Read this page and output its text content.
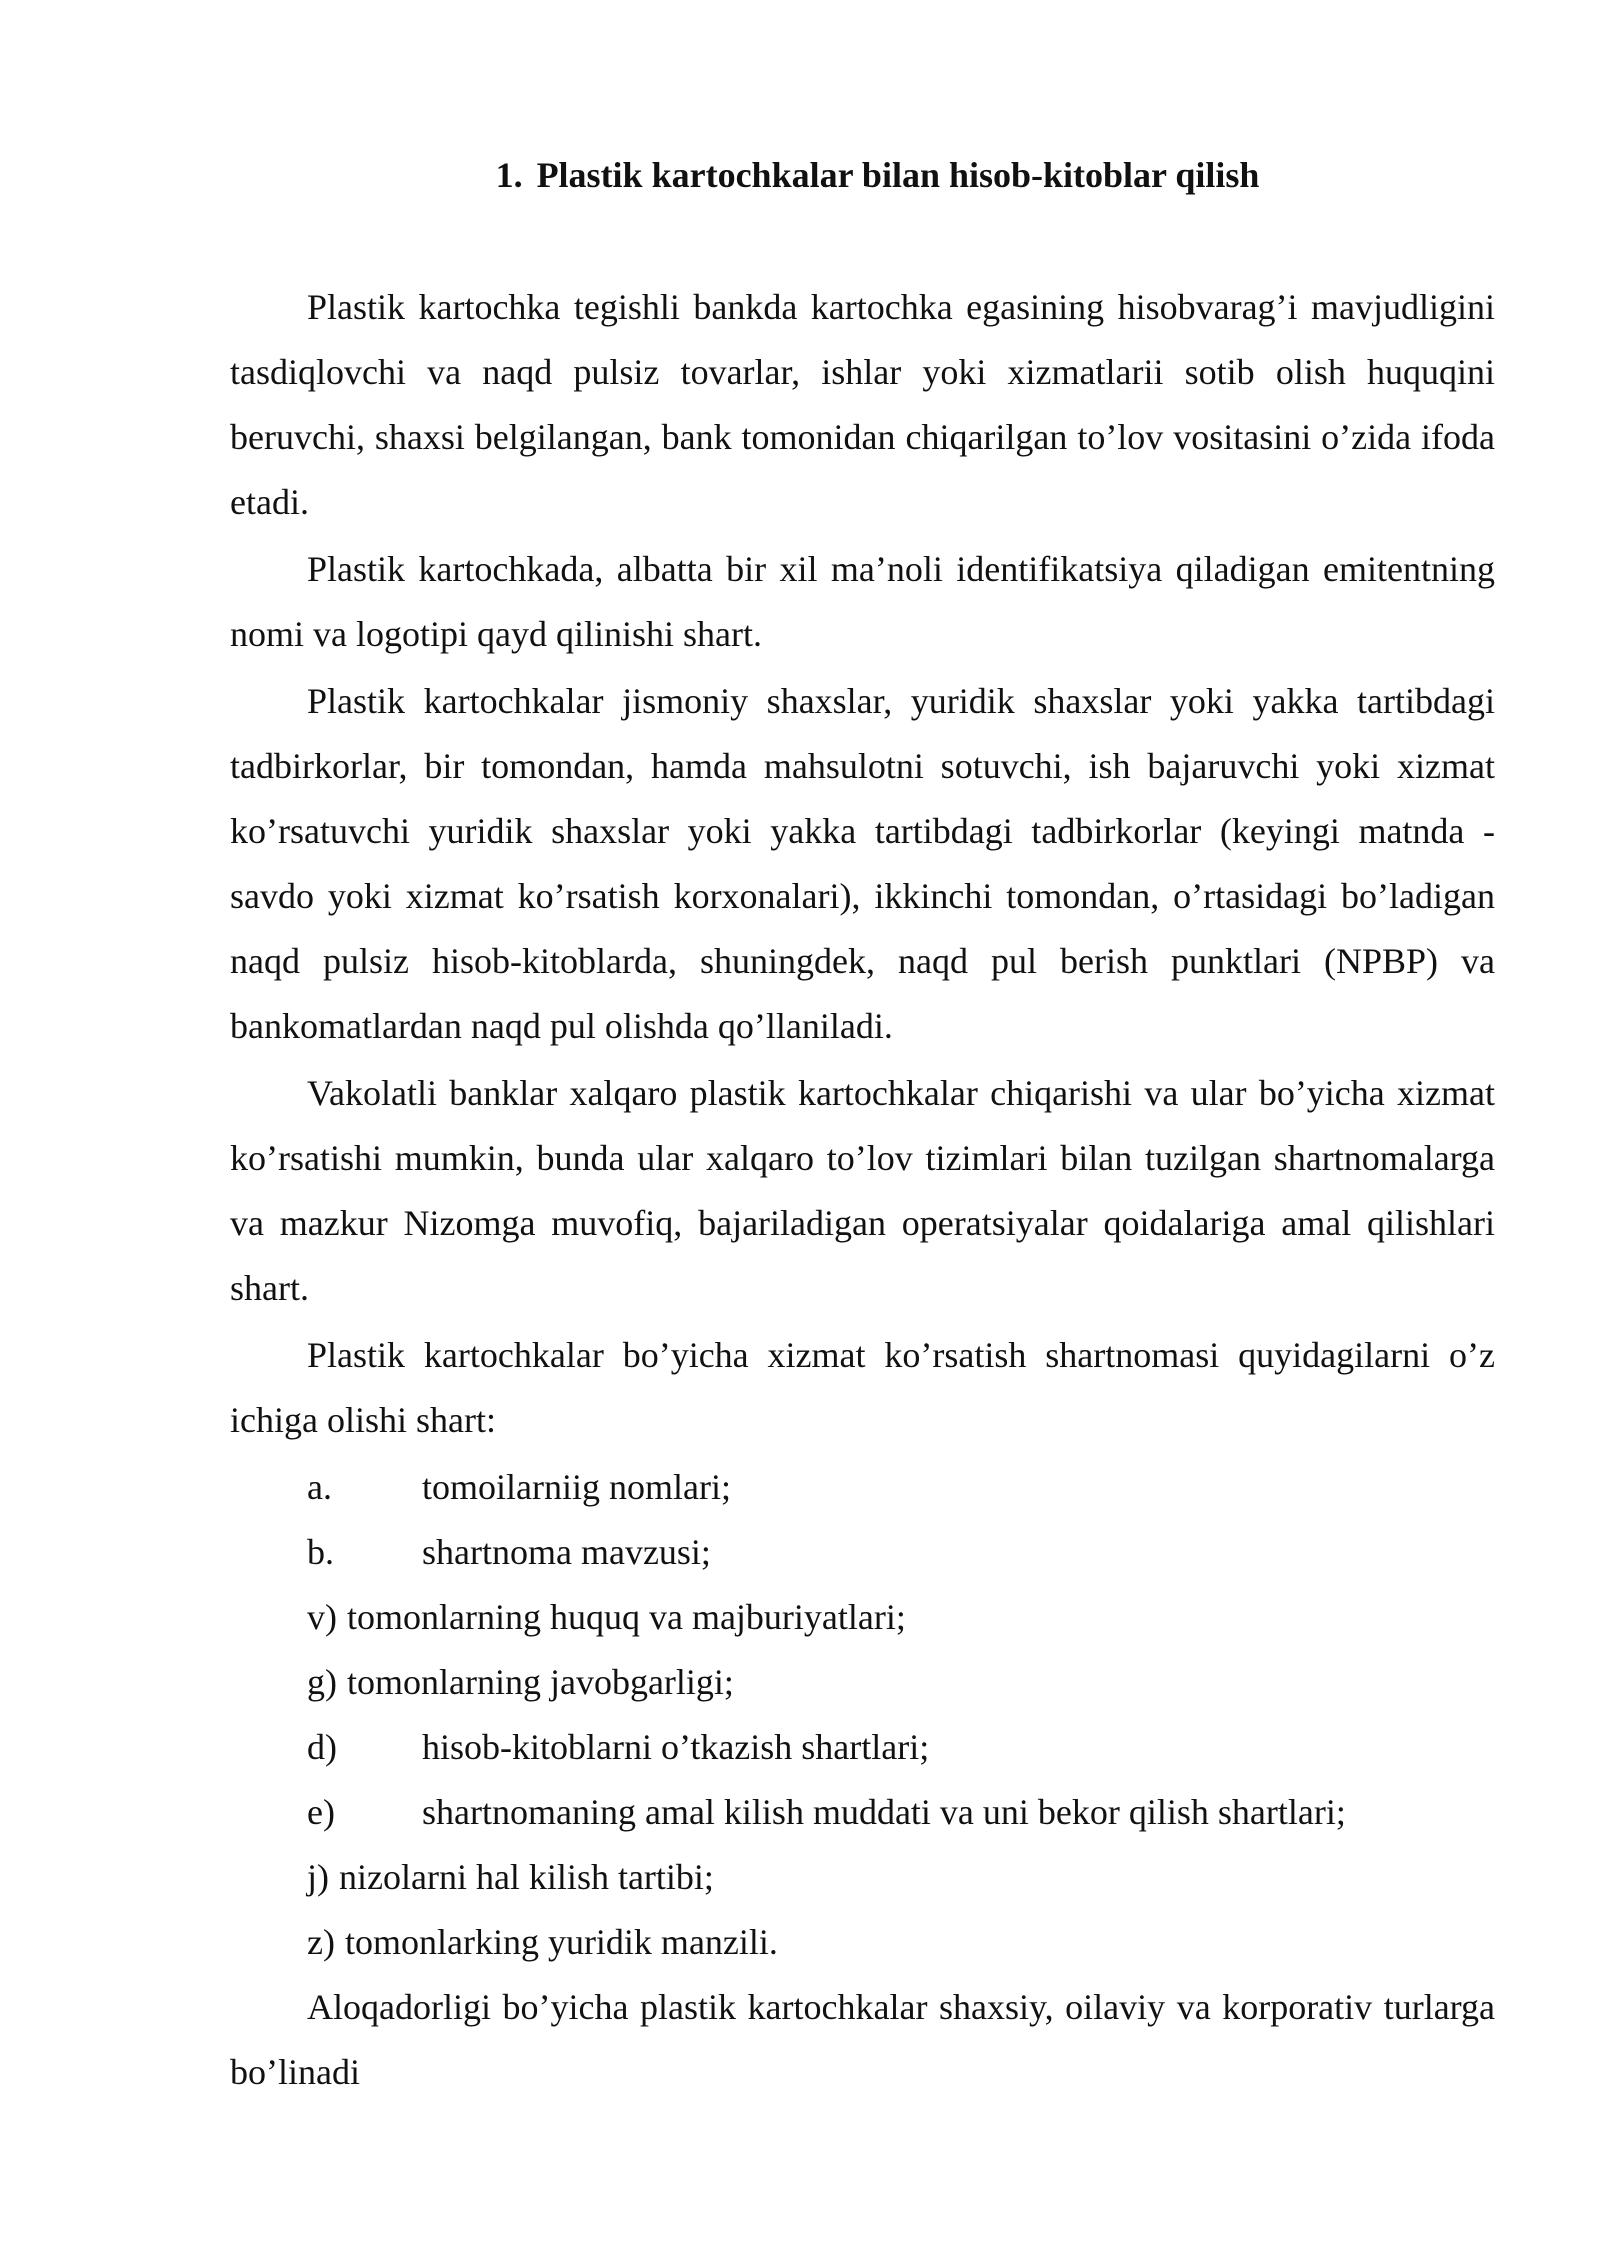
1. Plastik kartochkalar bilan hisob-kitoblar qilish

Plastik kartochka tegishli bankda kartochka egasining hisobvarag’i mavjudligini tasdiqlovchi va naqd pulsiz tovarlar, ishlar yoki xizmatlarii sotib olish huquqini beruvchi, shaxsi belgilangan, bank tomonidan chiqarilgan to’lov vositasini o’zida ifoda etadi.

Plastik kartochkada, albatta bir xil ma’noli identifikatsiya qiladigan emitentning nomi va logotipi qayd qilinishi shart.

Plastik kartochkalar jismoniy shaxslar, yuridik shaxslar yoki yakka tartibdagi tadbirkorlar, bir tomondan, hamda mahsulotni sotuvchi, ish bajaruvchi yoki xizmat ko’rsatuvchi yuridik shaxslar yoki yakka tartibdagi tadbirkorlar (keyingi matnda - savdo yoki xizmat ko’rsatish korxonalari), ikkinchi tomondan, o’rtasidagi bo’ladigan naqd pulsiz hisob-kitoblarda, shuningdek, naqd pul berish punktlari (NPBP) va bankomatlardan naqd pul olishda qo’llaniladi.

Vakolatli banklar xalqaro plastik kartochkalar chiqarishi va ular bo’yicha xizmat ko’rsatishi mumkin, bunda ular xalqaro to’lov tizimlari bilan tuzilgan shartnomalarga va mazkur Nizomga muvofiq, bajariladigan operatsiyalar qoidalariga amal qilishlari shart.

Plastik kartochkalar bo’yicha xizmat ko’rsatish shartnomasi quyidagilarni o’z ichiga olishi shart:

a.	tomoilarniig nomlari;
b. shartnoma mavzusi;
v) tomonlarning huquq va majburiyatlari;
g) tomonlarning javobgarligi;
d) hisob-kitoblarni o’tkazish shartlari;
e) shartnomaning amal kilish muddati va uni bekor qilish shartlari;
j) nizolarni hal kilish tartibi;
z) tomonlarking yuridik manzili.

Aloqadorligi bo’yicha plastik kartochkalar shaxsiy, oilaviy va korporativ turlarga bo’linadi
